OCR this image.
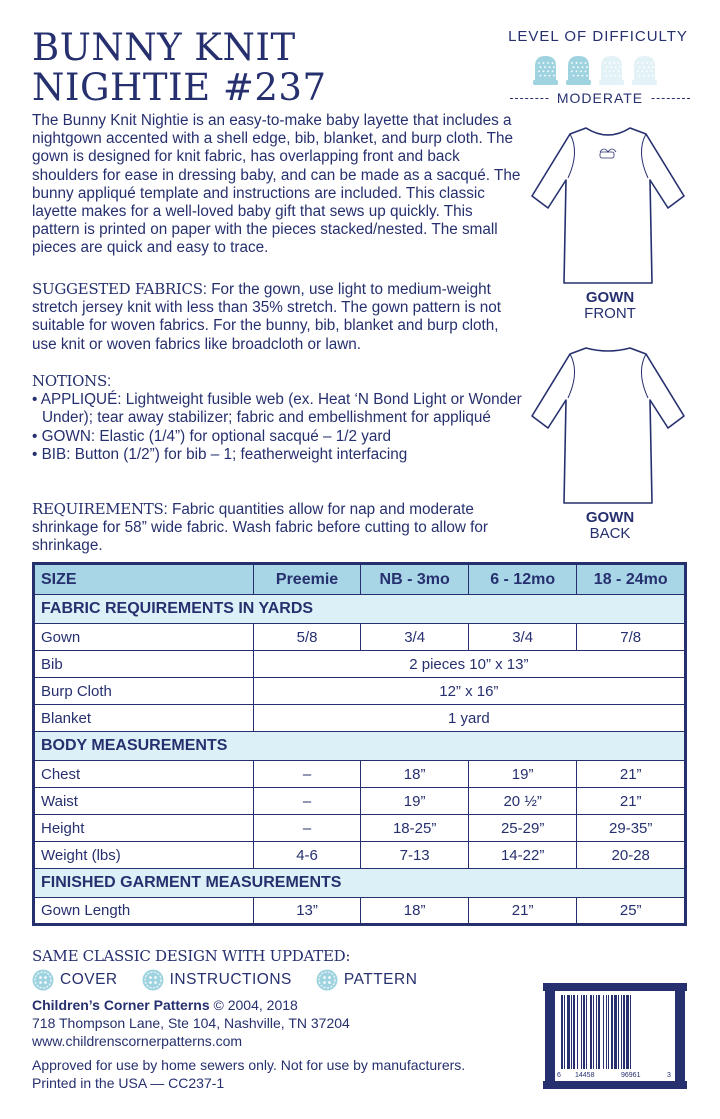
BUNNY KNIT
NIGHTIE #237
LEVEL OF DIFFICULTY
MODERATE

The Bunny Knit Nightie is an easy-to-make baby layette that includes a nightgown accented with a shell edge, bib, blanket, and burp cloth. The gown is designed for knit fabric, has overlapping front and back shoulders for ease in dressing baby, and can be made as a sacqué. The bunny appliqué template and instructions are included. This classic layette makes for a well-loved baby gift that sews up quickly. This pattern is printed on paper with the pieces stacked/nested. The small pieces are quick and easy to trace.

SUGGESTED FABRICS: For the gown, use light to medium-weight stretch jersey knit with less than 35% stretch. The gown pattern is not suitable for woven fabrics. For the bunny, bib, blanket and burp cloth, use knit or woven fabrics like broadcloth or lawn.

NOTIONS:
• APPLIQUÉ: Lightweight fusible web (ex. Heat ‘N Bond Light or Wonder Under); tear away stabilizer; fabric and embellishment for appliqué
• GOWN: Elastic (1/4”) for optional sacqué – 1/2 yard
• BIB: Button (1/2”) for bib – 1; featherweight interfacing

REQUIREMENTS: Fabric quantities allow for nap and moderate shrinkage for 58” wide fabric. Wash fabric before cutting to allow for shrinkage.

GOWN
FRONT
GOWN
BACK
SIZE	Preemie	NB - 3mo	6 - 12mo	18 - 24mo
FABRIC REQUIREMENTS IN YARDS				
Gown	5/8	3/4	3/4	7/8
Bib	2 pieces 10” x 13”			
Burp Cloth	12” x 16”			
Blanket	1 yard			
BODY MEASUREMENTS				
Chest	–	18”	19”	21”
Waist	–	19”	20 ½”	21”
Height	–	18-25”	25-29”	29-35”
Weight (lbs)	4-6	7-13	14-22”	20-28
FINISHED GARMENT MEASUREMENTS				
Gown Length	13”	18”	21”	25”
SAME CLASSIC DESIGN WITH UPDATED:
COVER	INSTRUCTIONS	PATTERN
Children’s Corner Patterns © 2004, 2018
718 Thompson Lane, Ste 104, Nashville, TN 37204
www.childrenscornerpatterns.com
Approved for use by home sewers only. Not for use by manufacturers.
Printed in the USA — CC237-1	6 14458	96961	3
